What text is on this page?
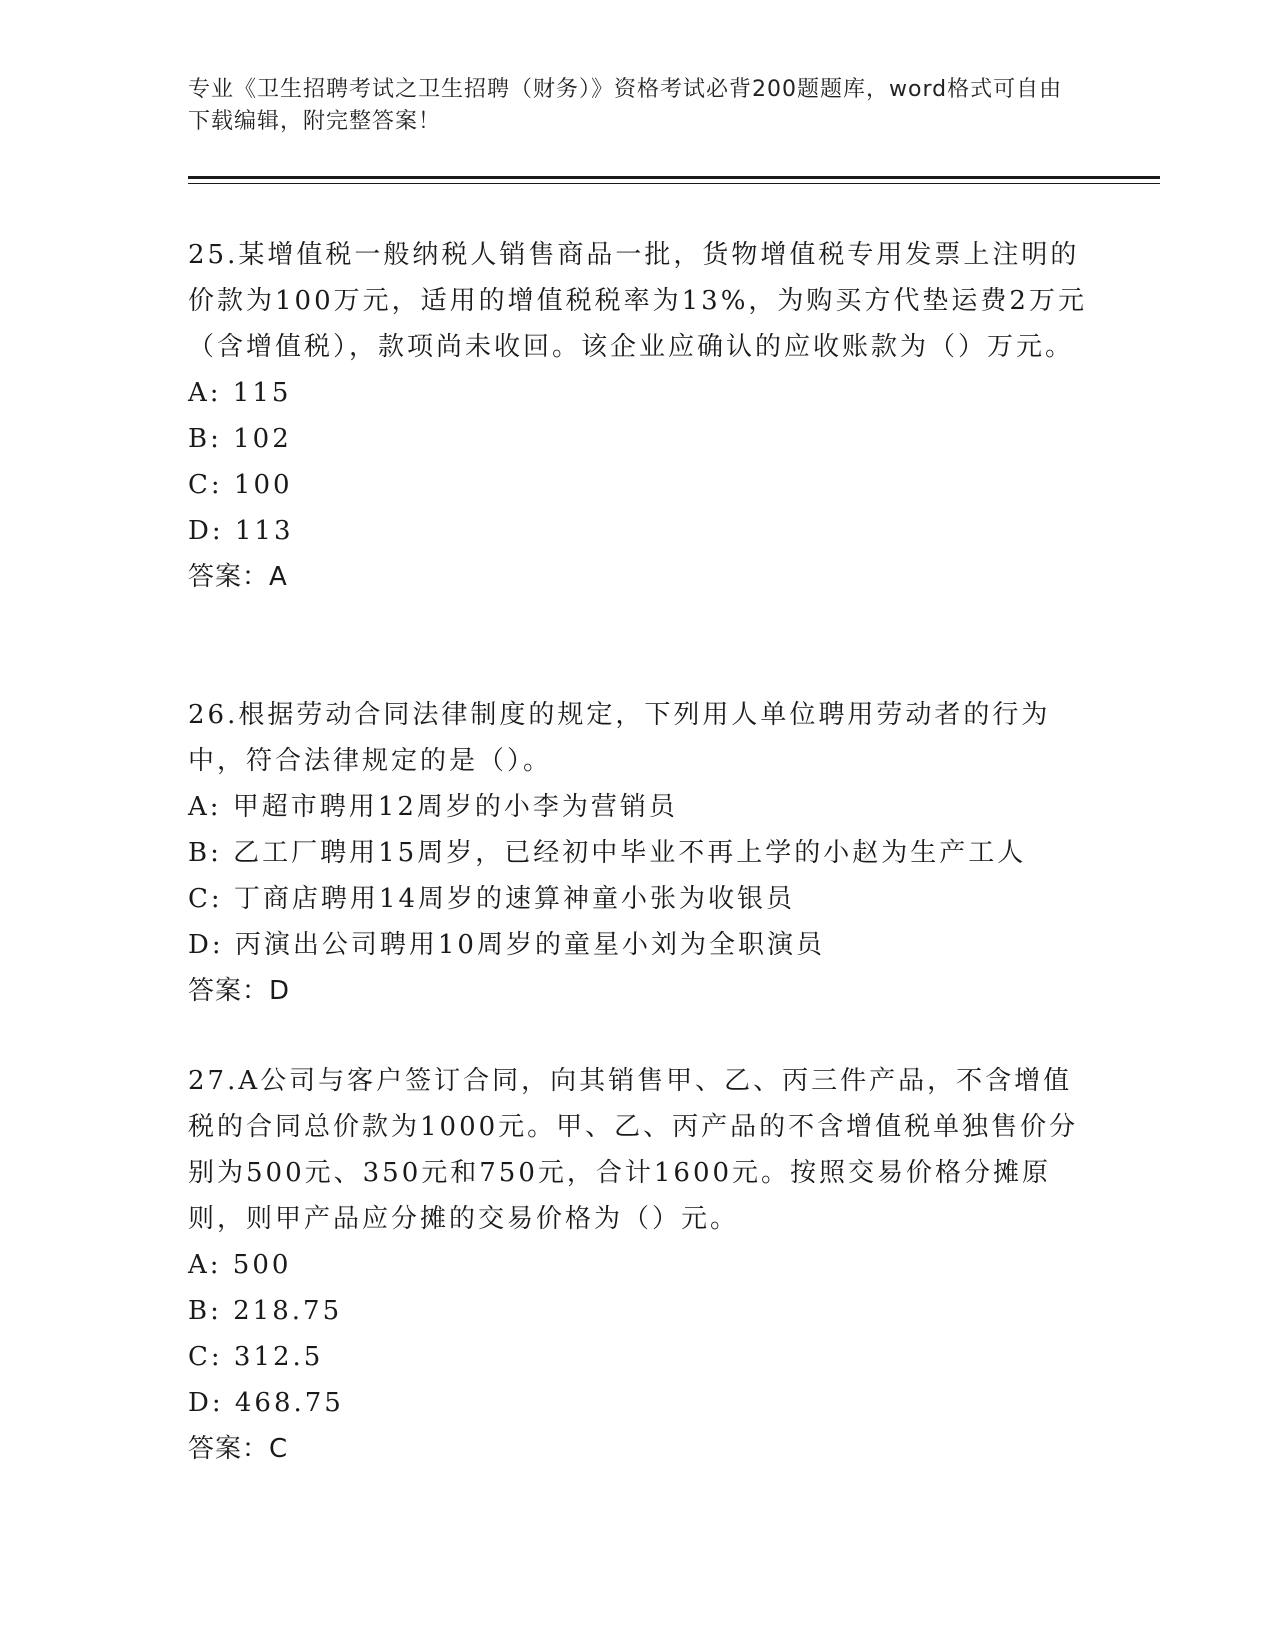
专业《卫生招聘考试之卫生招聘（财务）》资格考试必背200题题库，word格式可自由下载编辑，附完整答案！

25.某增值税一般纳税人销售商品一批，货物增值税专用发票上注明的价款为100万元，适用的增值税税率为13%，为购买方代垫运费2万元（含增值税），款项尚未收回。该企业应确认的应收账款为（）万元。

A: 115

B: 102

C: 100

D: 113

答案：A

26.根据劳动合同法律制度的规定，下列用人单位聘用劳动者的行为中，符合法律规定的是（）。

A: 甲超市聘用12周岁的小李为营销员

B: 乙工厂聘用15周岁，已经初中毕业不再上学的小赵为生产工人

C: 丁商店聘用14周岁的速算神童小张为收银员

D: 丙演出公司聘用10周岁的童星小刘为全职演员

答案：D

27.A公司与客户签订合同，向其销售甲、乙、丙三件产品，不含增值税的合同总价款为1000元。甲、乙、丙产品的不含增值税单独售价分别为500元、350元和750元，合计1600元。按照交易价格分摊原则，则甲产品应分摊的交易价格为（）元。

A: 500

B: 218.75

C: 312.5

D: 468.75

答案：C
